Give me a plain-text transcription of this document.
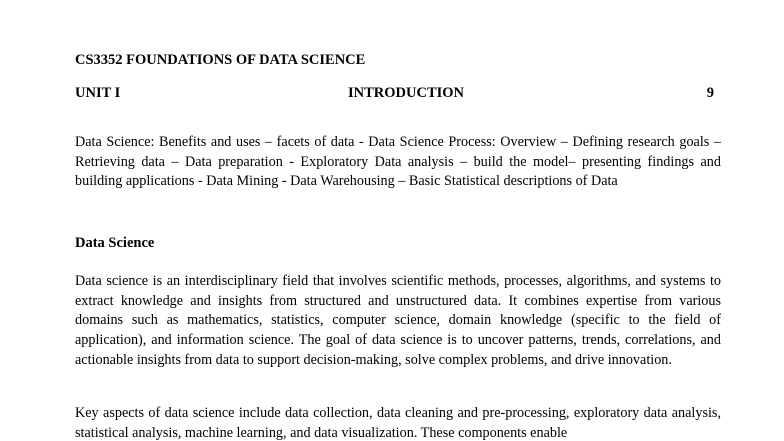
CS3352 FOUNDATIONS OF DATA SCIENCE
UNIT I	INTRODUCTION	9

Data Science: Benefits and uses – facets of data - Data Science Process: Overview – Defining research goals – Retrieving data – Data preparation - Exploratory Data analysis – build the model– presenting findings and building applications - Data Mining - Data Warehousing – Basic Statistical descriptions of Data

Data Science

Data science is an interdisciplinary field that involves scientific methods, processes, algorithms, and systems to extract knowledge and insights from structured and unstructured data. It combines expertise from various domains such as mathematics, statistics, computer science, domain knowledge (specific to the field of application), and information science. The goal of data science is to uncover patterns, trends, correlations, and actionable insights from data to support decision-making, solve complex problems, and drive innovation.

Key aspects of data science include data collection, data cleaning and pre-processing, exploratory data analysis, statistical analysis, machine learning, and data visualization. These components enable
